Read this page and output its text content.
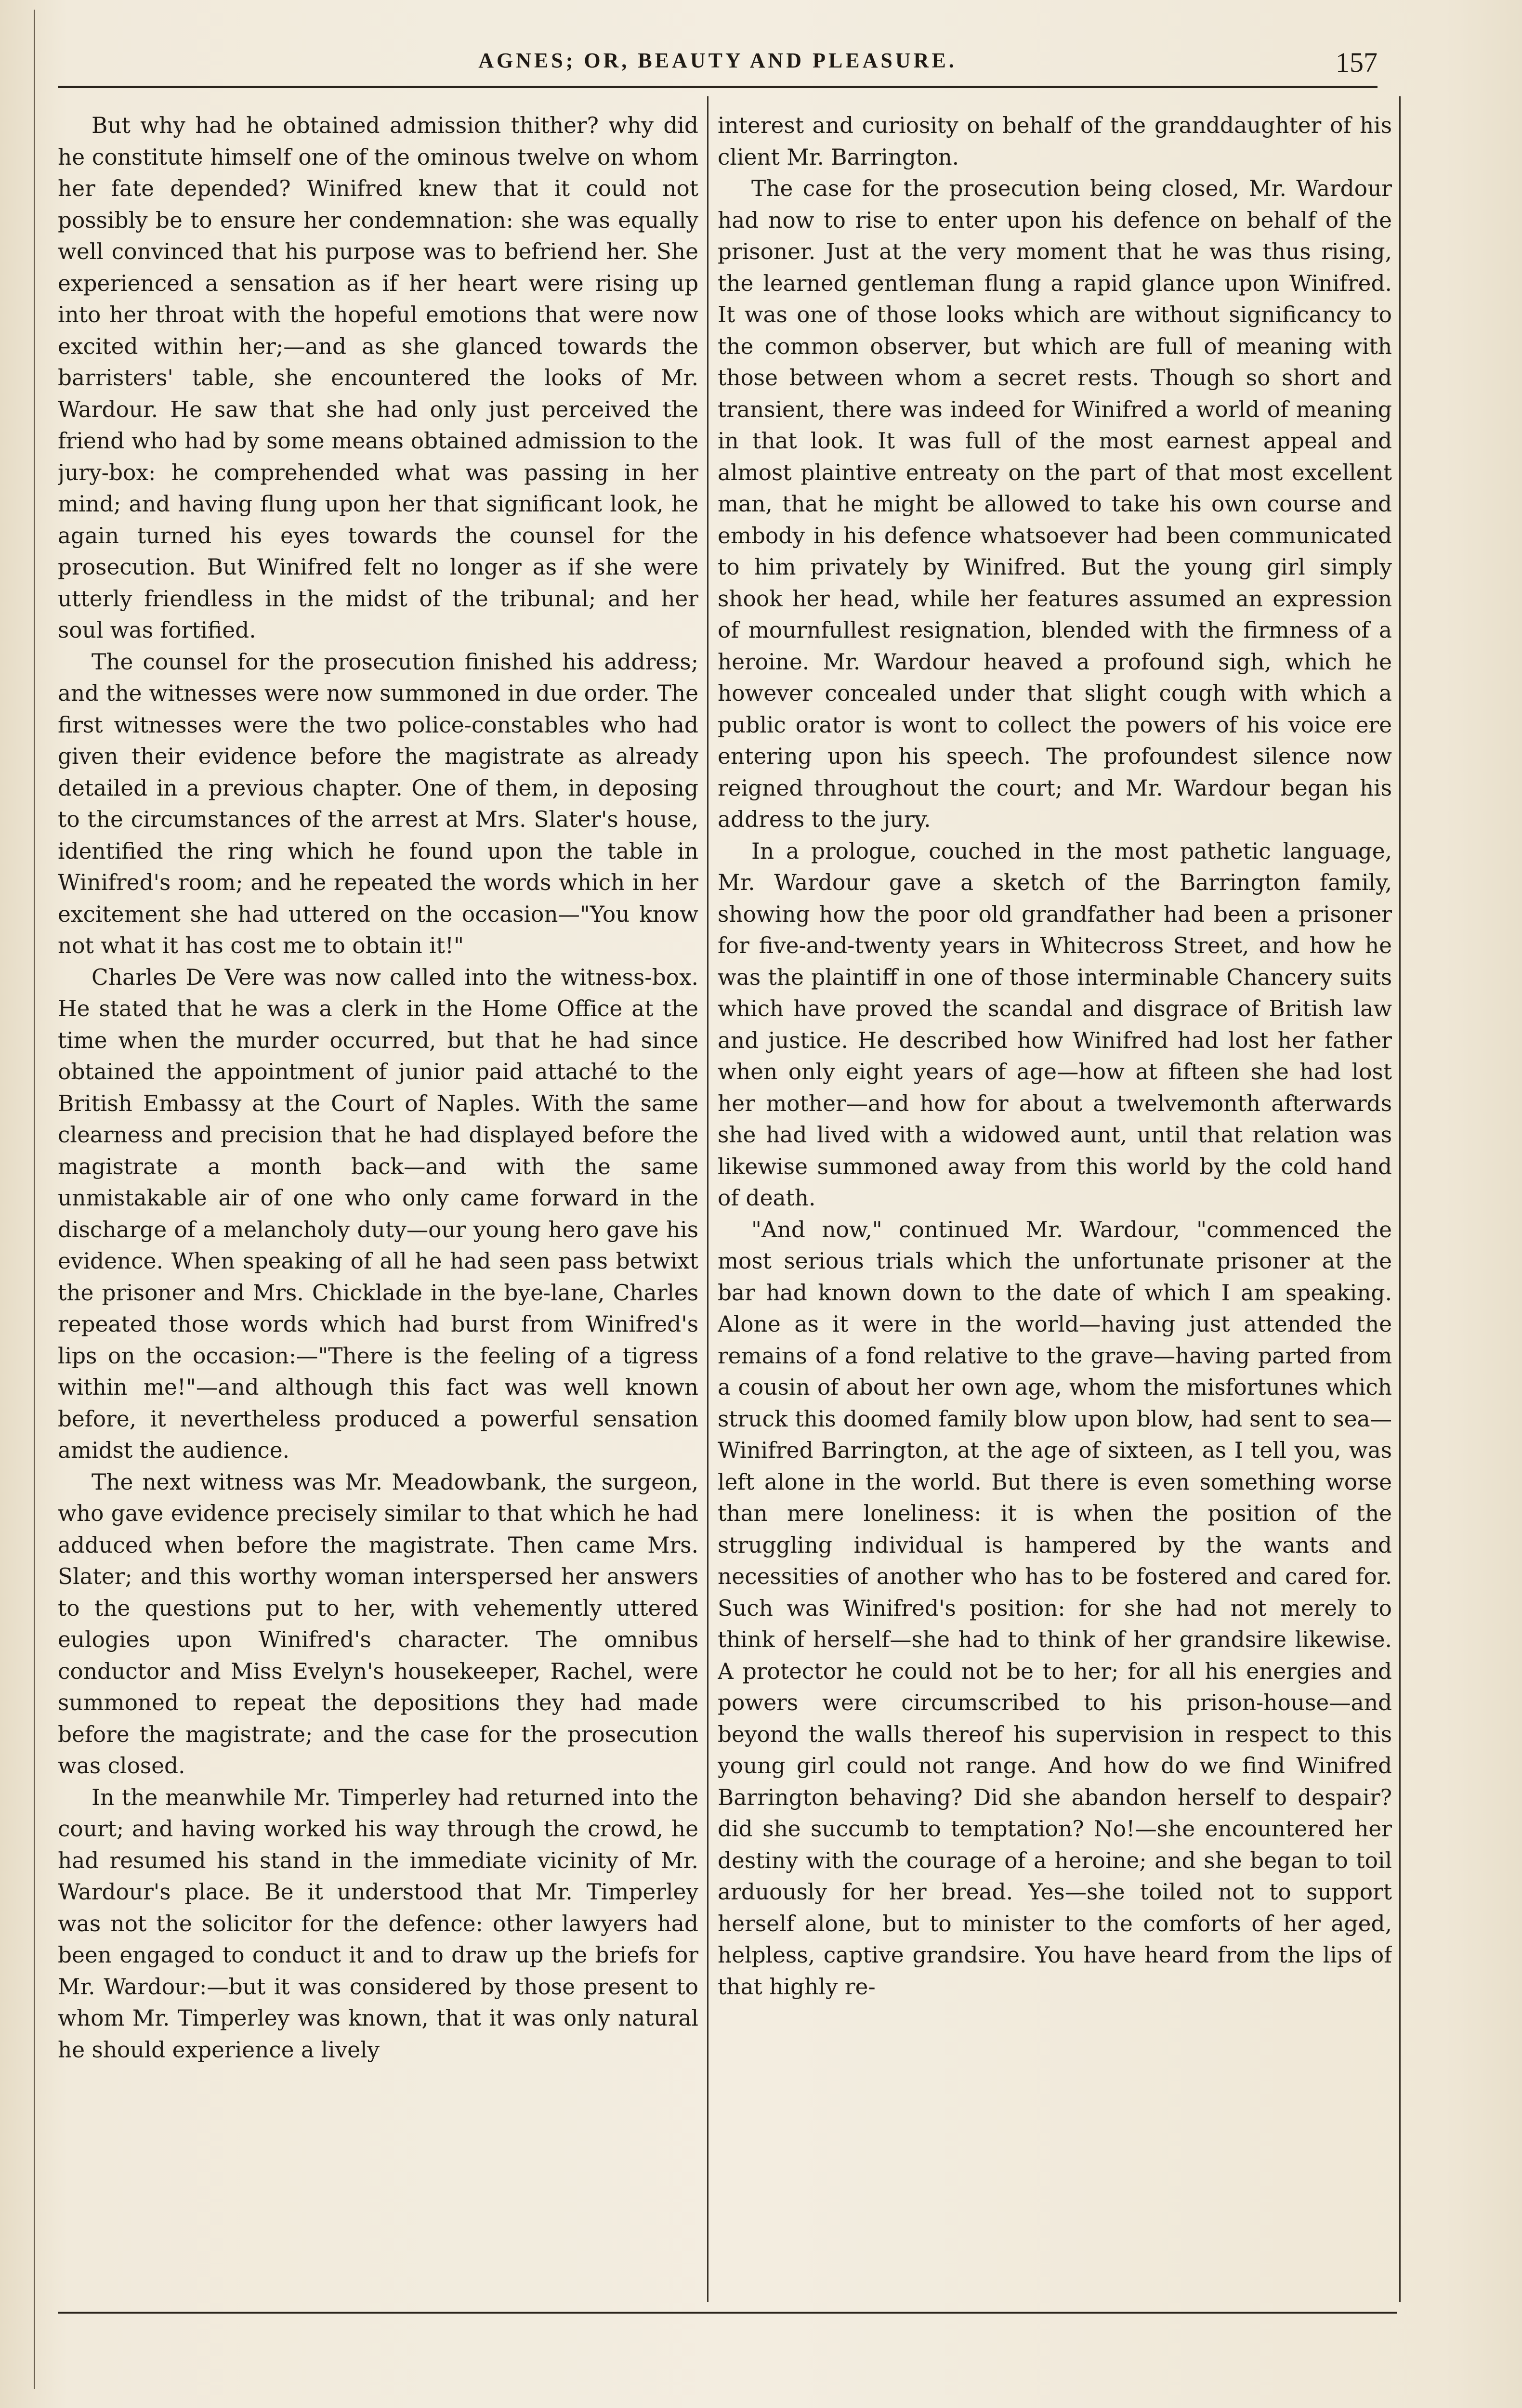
AGNES; OR, BEAUTY AND PLEASURE.	157

But why had he obtained admission thither? why did he constitute himself one of the ominous twelve on whom her fate depended? Winifred knew that it could not possibly be to ensure her condemnation: she was equally well convinced that his purpose was to befriend her. She experienced a sensation as if her heart were rising up into her throat with the hopeful emotions that were now excited within her;—and as she glanced towards the barristers' table, she encountered the looks of Mr. Wardour. He saw that she had only just perceived the friend who had by some means obtained admission to the jury-box: he comprehended what was passing in her mind; and having flung upon her that significant look, he again turned his eyes towards the counsel for the prosecution. But Winifred felt no longer as if she were utterly friendless in the midst of the tribunal; and her soul was fortified.

The counsel for the prosecution finished his address; and the witnesses were now summoned in due order. The first witnesses were the two police-constables who had given their evidence before the magistrate as already detailed in a previous chapter. One of them, in deposing to the circumstances of the arrest at Mrs. Slater's house, identified the ring which he found upon the table in Winifred's room; and he repeated the words which in her excitement she had uttered on the occasion—"You know not what it has cost me to obtain it!"

Charles De Vere was now called into the witness-box. He stated that he was a clerk in the Home Office at the time when the murder occurred, but that he had since obtained the appointment of junior paid attaché to the British Embassy at the Court of Naples. With the same clearness and precision that he had displayed before the magistrate a month back—and with the same unmistakable air of one who only came forward in the discharge of a melancholy duty—our young hero gave his evidence. When speaking of all he had seen pass betwixt the prisoner and Mrs. Chicklade in the bye-lane, Charles repeated those words which had burst from Winifred's lips on the occasion:—"There is the feeling of a tigress within me!"—and although this fact was well known before, it nevertheless produced a powerful sensation amidst the audience.

The next witness was Mr. Meadowbank, the surgeon, who gave evidence precisely similar to that which he had adduced when before the magistrate. Then came Mrs. Slater; and this worthy woman interspersed her answers to the questions put to her, with vehemently uttered eulogies upon Winifred's character. The omnibus conductor and Miss Evelyn's housekeeper, Rachel, were summoned to repeat the depositions they had made before the magistrate; and the case for the prosecution was closed.

In the meanwhile Mr. Timperley had returned into the court; and having worked his way through the crowd, he had resumed his stand in the immediate vicinity of Mr. Wardour's place. Be it understood that Mr. Timperley was not the solicitor for the defence: other lawyers had been engaged to conduct it and to draw up the briefs for Mr. Wardour:—but it was considered by those present to whom Mr. Timperley was known, that it was only natural he should experience a lively

interest and curiosity on behalf of the granddaughter of his client Mr. Barrington.

The case for the prosecution being closed, Mr. Wardour had now to rise to enter upon his defence on behalf of the prisoner. Just at the very moment that he was thus rising, the learned gentleman flung a rapid glance upon Winifred. It was one of those looks which are without significancy to the common observer, but which are full of meaning with those between whom a secret rests. Though so short and transient, there was indeed for Winifred a world of meaning in that look. It was full of the most earnest appeal and almost plaintive entreaty on the part of that most excellent man, that he might be allowed to take his own course and embody in his defence whatsoever had been communicated to him privately by Winifred. But the young girl simply shook her head, while her features assumed an expression of mournfullest resignation, blended with the firmness of a heroine. Mr. Wardour heaved a profound sigh, which he however concealed under that slight cough with which a public orator is wont to collect the powers of his voice ere entering upon his speech. The profoundest silence now reigned throughout the court; and Mr. Wardour began his address to the jury.

In a prologue, couched in the most pathetic language, Mr. Wardour gave a sketch of the Barrington family, showing how the poor old grandfather had been a prisoner for five-and-twenty years in Whitecross Street, and how he was the plaintiff in one of those interminable Chancery suits which have proved the scandal and disgrace of British law and justice. He described how Winifred had lost her father when only eight years of age—how at fifteen she had lost her mother—and how for about a twelvemonth afterwards she had lived with a widowed aunt, until that relation was likewise summoned away from this world by the cold hand of death.

"And now," continued Mr. Wardour, "commenced the most serious trials which the unfortunate prisoner at the bar had known down to the date of which I am speaking. Alone as it were in the world—having just attended the remains of a fond relative to the grave—having parted from a cousin of about her own age, whom the misfortunes which struck this doomed family blow upon blow, had sent to sea—Winifred Barrington, at the age of sixteen, as I tell you, was left alone in the world. But there is even something worse than mere loneliness: it is when the position of the struggling individual is hampered by the wants and necessities of another who has to be fostered and cared for. Such was Winifred's position: for she had not merely to think of herself—she had to think of her grandsire likewise. A protector he could not be to her; for all his energies and powers were circumscribed to his prison-house—and beyond the walls thereof his supervision in respect to this young girl could not range. And how do we find Winifred Barrington behaving? Did she abandon herself to despair? did she succumb to temptation? No!—she encountered her destiny with the courage of a heroine; and she began to toil arduously for her bread. Yes—she toiled not to support herself alone, but to minister to the comforts of her aged, helpless, captive grandsire. You have heard from the lips of that highly re-
